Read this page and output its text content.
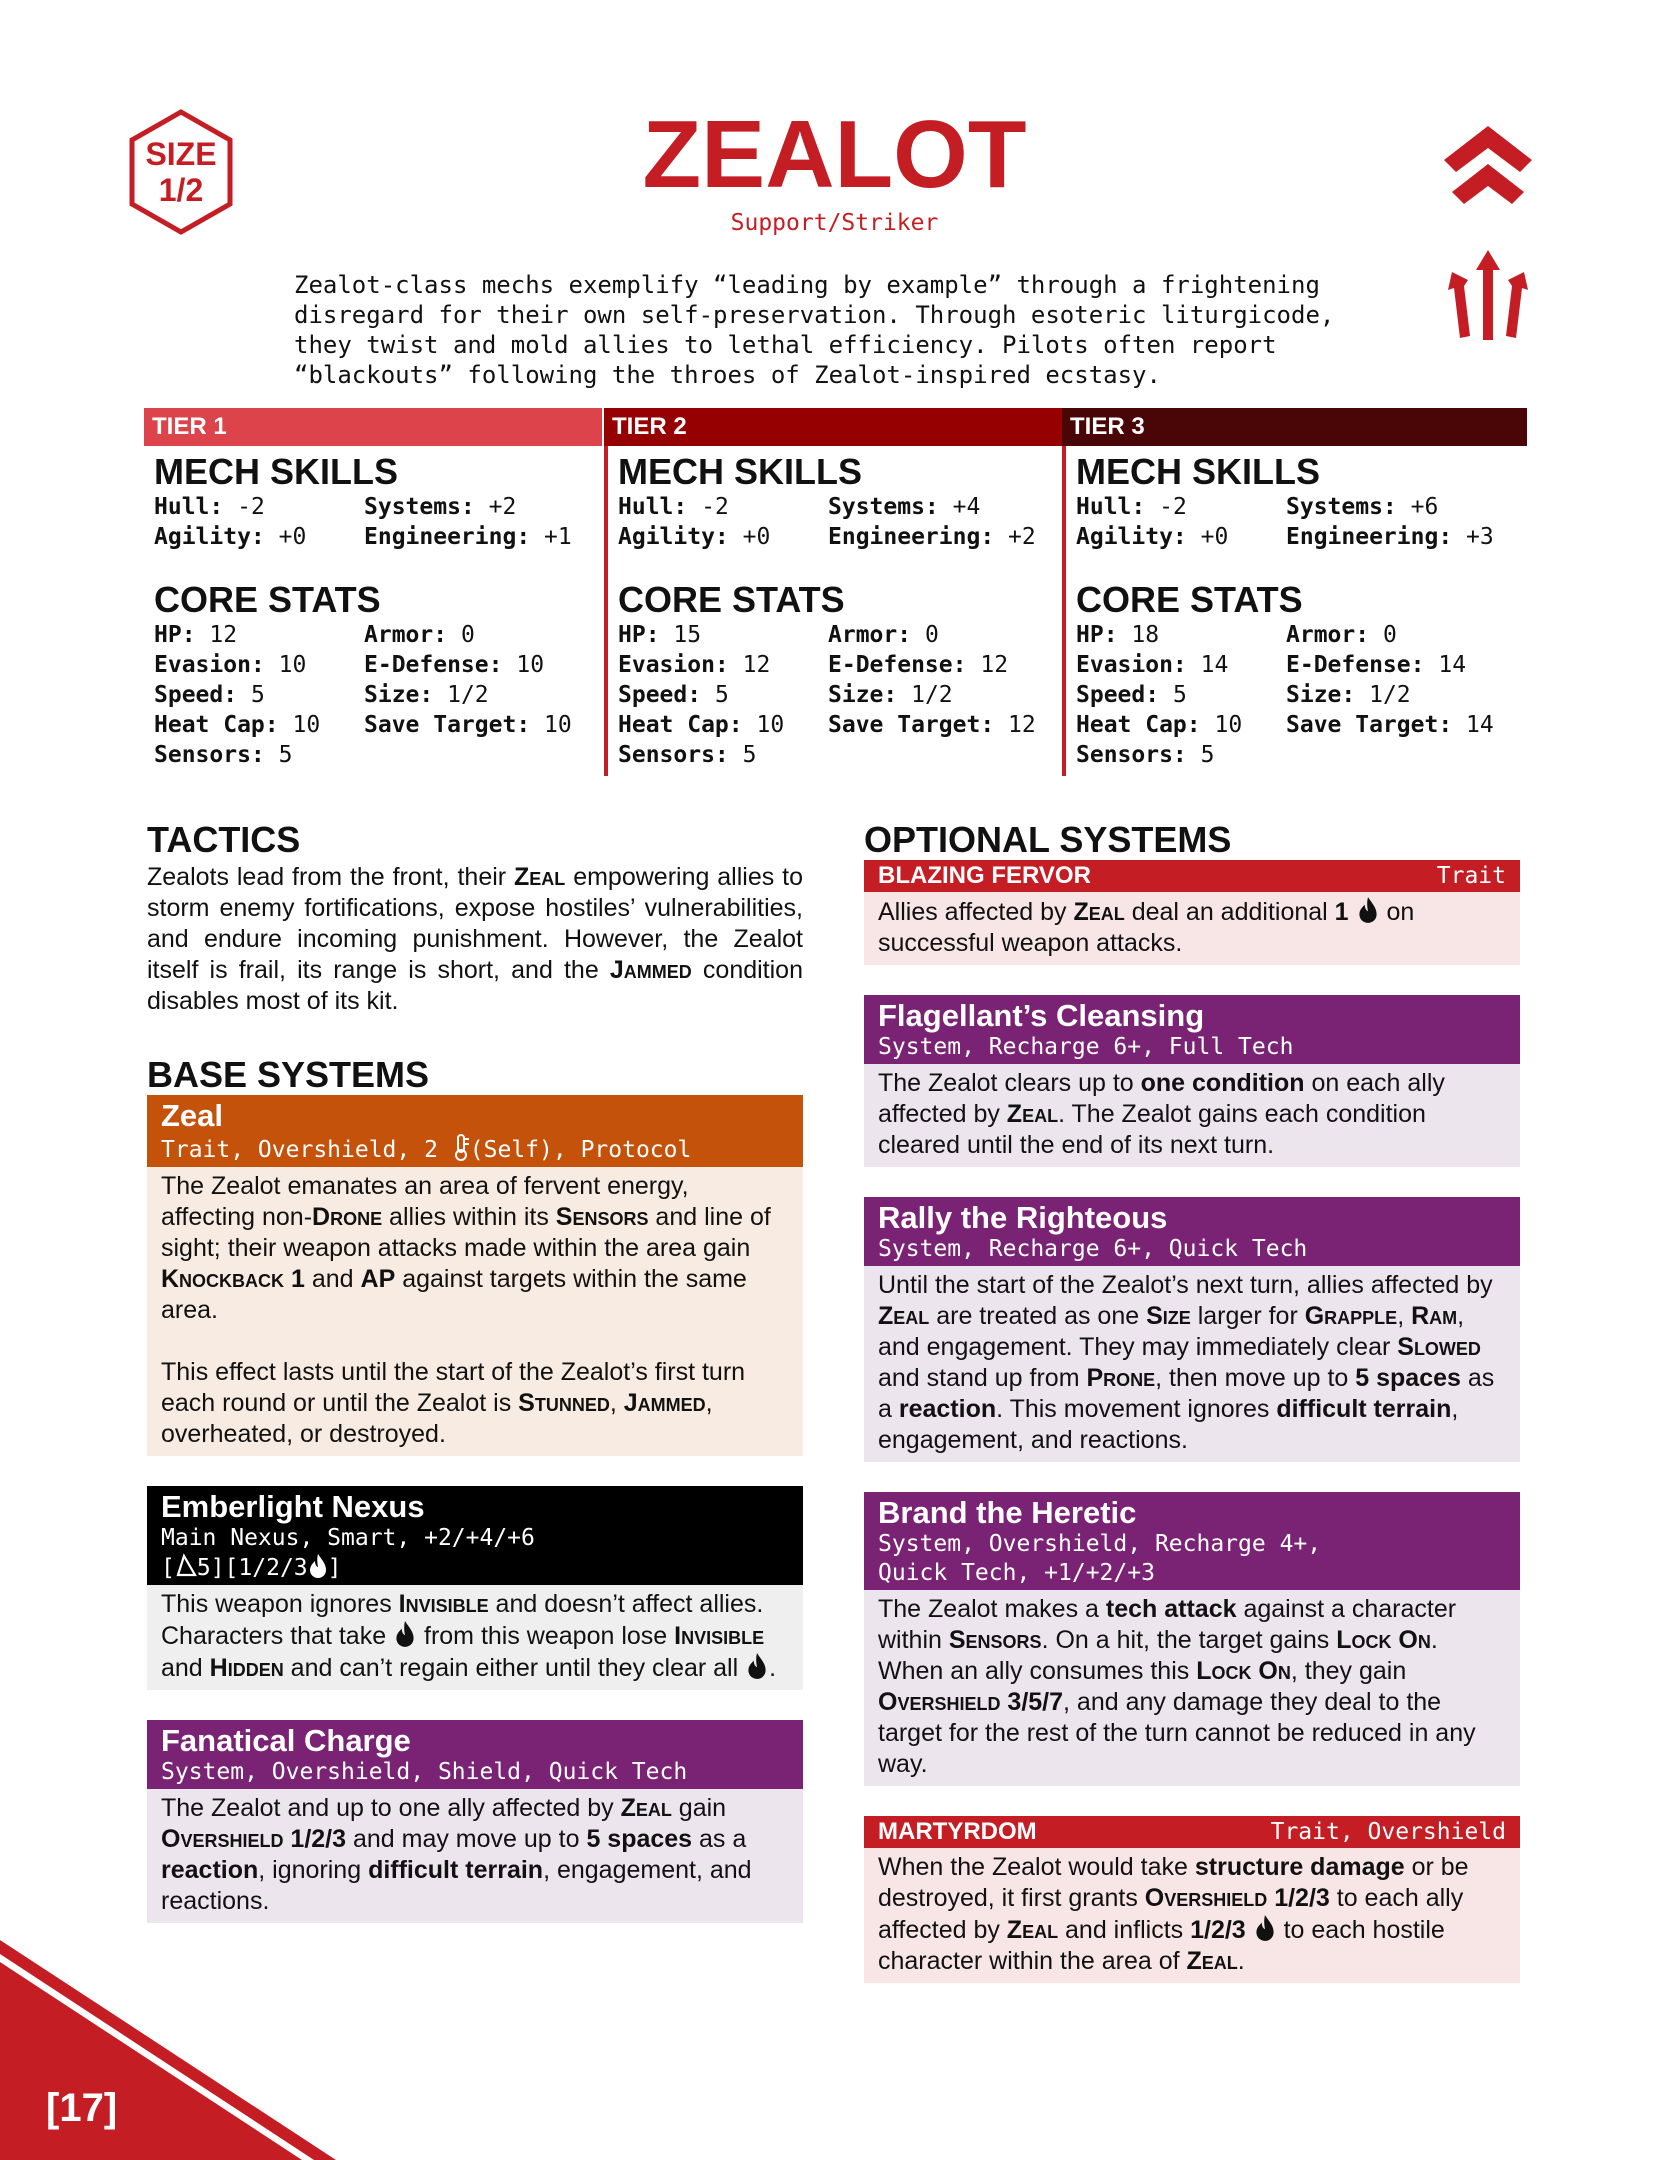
SIZE
1/2	ZEALOT
Support/Striker
Zealot-class mechs exemplify “leading by example” through a frightening
disregard for their own self-preservation. Through esoteric liturgicode,
they twist and mold allies to lethal efficiency. Pilots often report
“blackouts” following the throes of Zealot-inspired ecstasy.
TIER 1
MECH SKILLS
Hull: -2	Systems: +2
Agility: +0	Engineering: +1
CORE STATS
HP: 12	Armor: 0
Evasion: 10	E-Defense: 10
Speed: 5	Size: 1/2
Heat Cap: 10	Save Target: 10
Sensors: 5
TIER 2
MECH SKILLS
Hull: -2	Systems: +4
Agility: +0	Engineering: +2
CORE STATS
HP: 15	Armor: 0
Evasion: 12	E-Defense: 12
Speed: 5	Size: 1/2
Heat Cap: 10	Save Target: 12
Sensors: 5
TIER 3
MECH SKILLS
Hull: -2	Systems: +6
Agility: +0	Engineering: +3
CORE STATS
HP: 18	Armor: 0
Evasion: 14	E-Defense: 14
Speed: 5	Size: 1/2
Heat Cap: 10	Save Target: 14
Sensors: 5
TACTICS

Zealots lead from the front, their Zeal empowering allies to storm enemy fortifications, expose hostiles’ vulnerabilities, and endure incoming punishment. However, the Zealot itself is frail, its range is short, and the Jammed condition disables most of its kit.

BASE SYSTEMS
Zeal
Trait, Overshield, 2 (Self), Protocol
The Zealot emanates an area of fervent energy, affecting non-Drone allies within its Sensors and line of sight; their weapon attacks made within the area gain Knockback 1 and AP against targets within the same area.
This effect lasts until the start of the Zealot’s first turn each round or until the Zealot is Stunned, Jammed, overheated, or destroyed.
Emberlight Nexus
Main Nexus, Smart, +2/+4/+6
[ 5][1/2/3 ]
This weapon ignores Invisible and doesn’t affect allies. Characters that take  from this weapon lose Invisible and Hidden and can’t regain either until they clear all .
Fanatical Charge
System, Overshield, Shield, Quick Tech
The Zealot and up to one ally affected by Zeal gain Overshield 1/2/3 and may move up to 5 spaces as a reaction, ignoring difficult terrain, engagement, and reactions.
OPTIONAL SYSTEMS
BLAZING FERVOR	Trait
Allies affected by Zeal deal an additional 1  on successful weapon attacks.
Flagellant’s Cleansing
System, Recharge 6+, Full Tech
The Zealot clears up to one condition on each ally affected by Zeal. The Zealot gains each condition cleared until the end of its next turn.
Rally the Righteous
System, Recharge 6+, Quick Tech
Until the start of the Zealot’s next turn, allies affected by Zeal are treated as one Size larger for Grapple, Ram, and engagement. They may immediately clear Slowed and stand up from Prone, then move up to 5 spaces as a reaction. This movement ignores difficult terrain, engagement, and reactions.
Brand the Heretic
System, Overshield, Recharge 4+,
Quick Tech, +1/+2/+3
The Zealot makes a tech attack against a character within Sensors. On a hit, the target gains Lock On. When an ally consumes this Lock On, they gain Overshield 3/5/7, and any damage they deal to the target for the rest of the turn cannot be reduced in any way.
MARTYRDOM	Trait, Overshield
When the Zealot would take structure damage or be destroyed, it first grants Overshield 1/2/3 to each ally affected by Zeal and inflicts 1/2/3  to each hostile character within the area of Zeal.
[17]
